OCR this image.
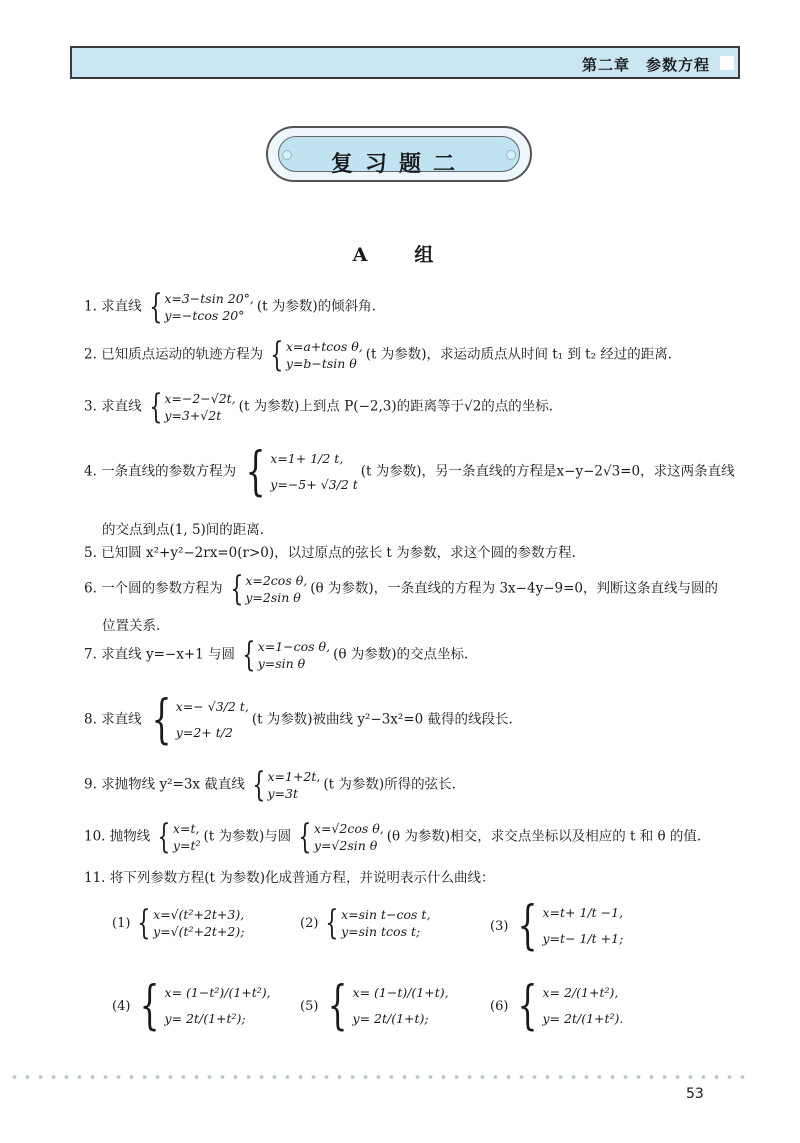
第二章　参数方程
复习题二
A　组
1. 求直线 { x=3−tsin 20°,
y=−tcos 20°
(t 为参数)的倾斜角.
2. 已知质点运动的轨迹方程为 { x=a+tcos θ,
y=b−tsin θ
(t 为参数)，求运动质点从时间 t₁ 到 t₂ 经过的距离.
3. 求直线 { x=−2−√2t,
y=3+√2t
(t 为参数)上到点 P(−2,3)的距离等于√2的点的坐标.
4. 一条直线的参数方程为 { x=1+ 1/2 t,
y=−5+ √3/2 t
(t 为参数)，另一条直线的方程是x−y−2√3=0，求这两条直线
的交点到点(1, 5)间的距离.
5. 已知圆 x²+y²−2rx=0(r>0)，以过原点的弦长 t 为参数，求这个圆的参数方程.
6. 一个圆的参数方程为 { x=2cos θ,
y=2sin θ
(θ 为参数)，一条直线的方程为 3x−4y−9=0，判断这条直线与圆的
位置关系.
7. 求直线 y=−x+1 与圆 { x=1−cos θ,
y=sin θ
(θ 为参数)的交点坐标.
8. 求直线 { x=− √3/2 t,
y=2+ t/2
(t 为参数)被曲线 y²−3x²=0 截得的线段长.
9. 求抛物线 y²=3x 截直线 { x=1+2t,
y=3t
(t 为参数)所得的弦长.
10. 抛物线 { x=t,
y=t²
(t 为参数)与圆 { x=√2cos θ,
y=√2sin θ
(θ 为参数)相交，求交点坐标以及相应的 t 和 θ 的值.
11. 将下列参数方程(t 为参数)化成普通方程，并说明表示什么曲线：
(1) { x=√(t²+2t+3),
y=√(t²+2t+2);
(2) { x=sin t−cos t,
y=sin tcos t;	(3) { x=t+ 1/t −1,
y=t− 1/t +1;
(4) { x= (1−t²)/(1+t²),
y= 2t/(1+t²);
(5) { x= (1−t)/(1+t),
y= 2t/(1+t);
(6) { x= 2/(1+t²),
y= 2t/(1+t²).
53
